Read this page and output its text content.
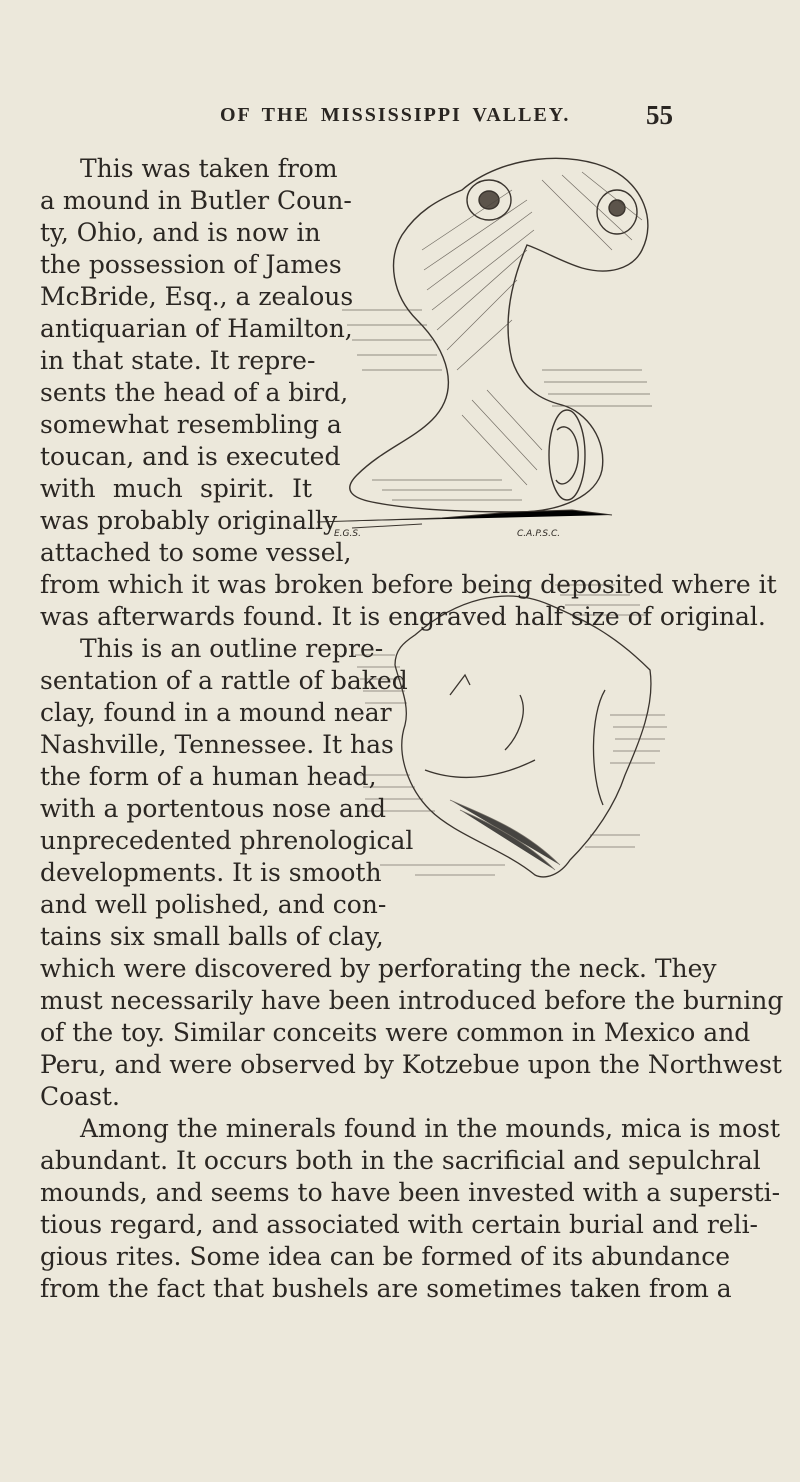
OF THE MISSISSIPPI VALLEY.	55
E.G.S.	C.A.P.S.C.
This was taken from
a mound in Butler Coun-
ty, Ohio, and is now in
the possession of James
McBride, Esq., a zealous
antiquarian of Hamilton,
in that state. It repre-
sents the head of a bird,
somewhat resembling a
toucan, and is executed
with much spirit. It
was probably originally
attached to some vessel,
from which it was broken before being deposited where it
was afterwards found. It is engraved half size of original.
This is an outline repre-
sentation of a rattle of baked
clay, found in a mound near
Nashville, Tennessee. It has
the form of a human head,
with a portentous nose and
unprecedented phrenological
developments. It is smooth
and well polished, and con-
tains six small balls of clay,
which were discovered by perforating the neck. They
must necessarily have been introduced before the burning
of the toy. Similar conceits were common in Mexico and
Peru, and were observed by Kotzebue upon the Northwest
Coast.
Among the minerals found in the mounds, mica is most
abundant. It occurs both in the sacrificial and sepulchral
mounds, and seems to have been invested with a supersti-
tious regard, and associated with certain burial and reli-
gious rites. Some idea can be formed of its abundance
from the fact that bushels are sometimes taken from a
